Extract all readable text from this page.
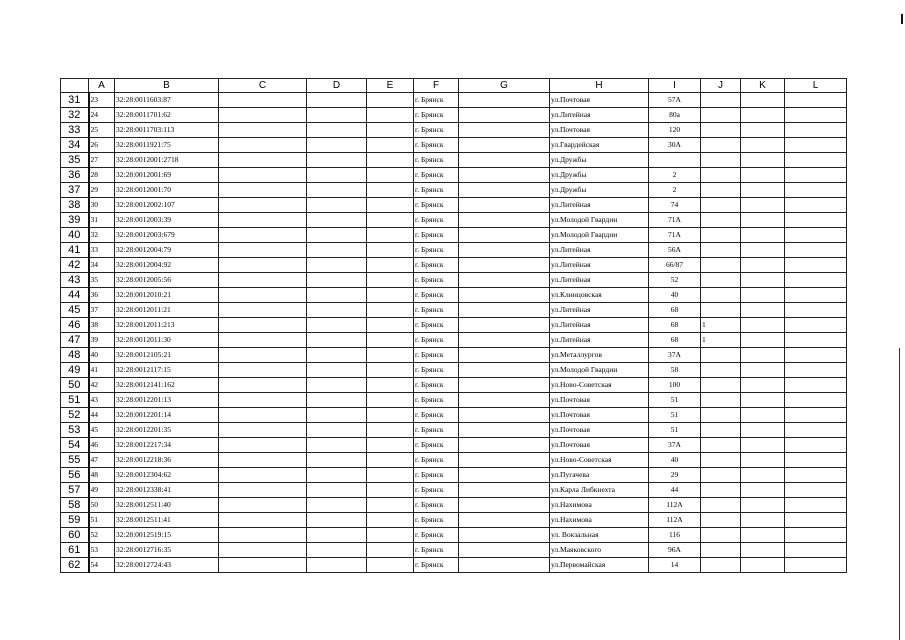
	A	B	C	D	E	F	G	H	I	J	K	L
31	23	32:28:0011603:87				г. Брянск		ул.Почтовая	57А			
32	24	32:28:0011701:62				г. Брянск		ул.Литейная	80а			
33	25	32:28:0011703:113				г. Брянск		ул.Почтовая	120			
34	26	32:28:0011921:75				г. Брянск		ул.Гвардейская	30А			
35	27	32:28:0012001:2718				г. Брянск		ул.Дружбы				
36	28	32:28:0012001:69				г. Брянск		ул.Дружбы	2			
37	29	32:28:0012001:70				г. Брянск		ул.Дружбы	2			
38	30	32:28:0012002:107				г. Брянск		ул.Литейная	74			
39	31	32:28:0012003:39				г. Брянск		ул.Молодой Гвардии	71А			
40	32	32:28:0012003:679				г. Брянск		ул.Молодой Гвардии	71А			
41	33	32:28:0012004:79				г. Брянск		ул.Литейная	56А			
42	34	32:28:0012004:92				г. Брянск		ул.Литейная	66/87			
43	35	32:28:0012005:56				г. Брянск		ул.Литейная	52			
44	36	32:28:0012010:21				г. Брянск		ул.Клинцовская	40			
45	37	32:28:0012011:21				г. Брянск		ул.Литейная	68			
46	38	32:28:0012011:213				г. Брянск		ул.Литейная	68	1		
47	39	32:28:0012011:30				г. Брянск		ул.Литейная	68	1		
48	40	32:28:0012105:21				г. Брянск		ул.Металлургов	37А			
49	41	32:28:0012117:15				г. Брянск		ул.Молодой Гвардии	58			
50	42	32:28:0012141:162				г. Брянск		ул.Ново-Советская	100			
51	43	32:28:0012201:13				г. Брянск		ул.Почтовая	51			
52	44	32:28:0012201:14				г. Брянск		ул.Почтовая	51			
53	45	32:28:0012201:35				г. Брянск		ул.Почтовая	51			
54	46	32:28:0012217:34				г. Брянск		ул.Почтовая	37А			
55	47	32:28:0012218:36				г. Брянск		ул.Ново-Советская	40			
56	48	32:28:0012304:62				г. Брянск		ул.Пугачева	29			
57	49	32:28:0012338:41				г. Брянск		ул.Карла Либкнехта	44			
58	50	32:28:0012511:40				г. Брянск		ул.Нахимова	112А			
59	51	32:28:0012511:41				г. Брянск		ул.Нахимова	112А			
60	52	32:28:0012519:15				г. Брянск		ул. Вокзальная	116			
61	53	32:28:0012716:35				г. Брянск		ул.Маяковского	96А			
62	54	32:28:0012724:43				г. Брянск		ул.Первомайская	14			
